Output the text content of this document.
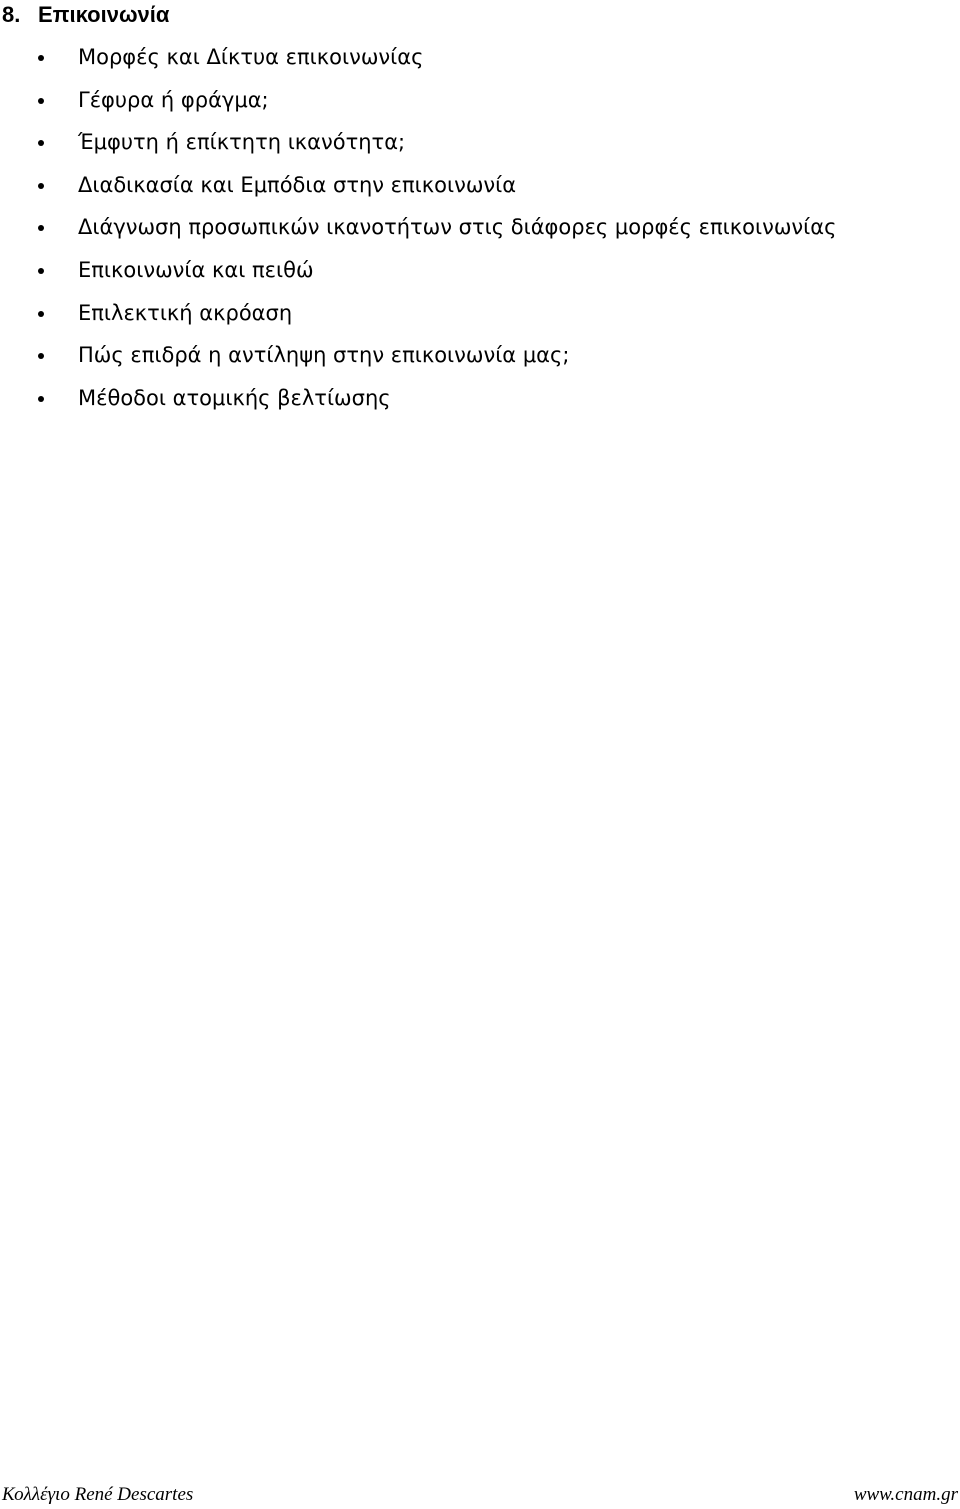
8. Επικοινωνία
Μορφές και Δίκτυα επικοινωνίας
Γέφυρα ή φράγμα;
Έμφυτη ή επίκτητη ικανότητα;
Διαδικασία και Εμπόδια στην επικοινωνία
Διάγνωση προσωπικών ικανοτήτων στις διάφορες μορφές επικοινωνίας
Επικοινωνία και πειθώ
Επιλεκτική ακρόαση
Πώς επιδρά η αντίληψη στην επικοινωνία μας;
Μέθοδοι ατομικής βελτίωσης
Κολλέγιο René Descartes	www.cnam.gr
